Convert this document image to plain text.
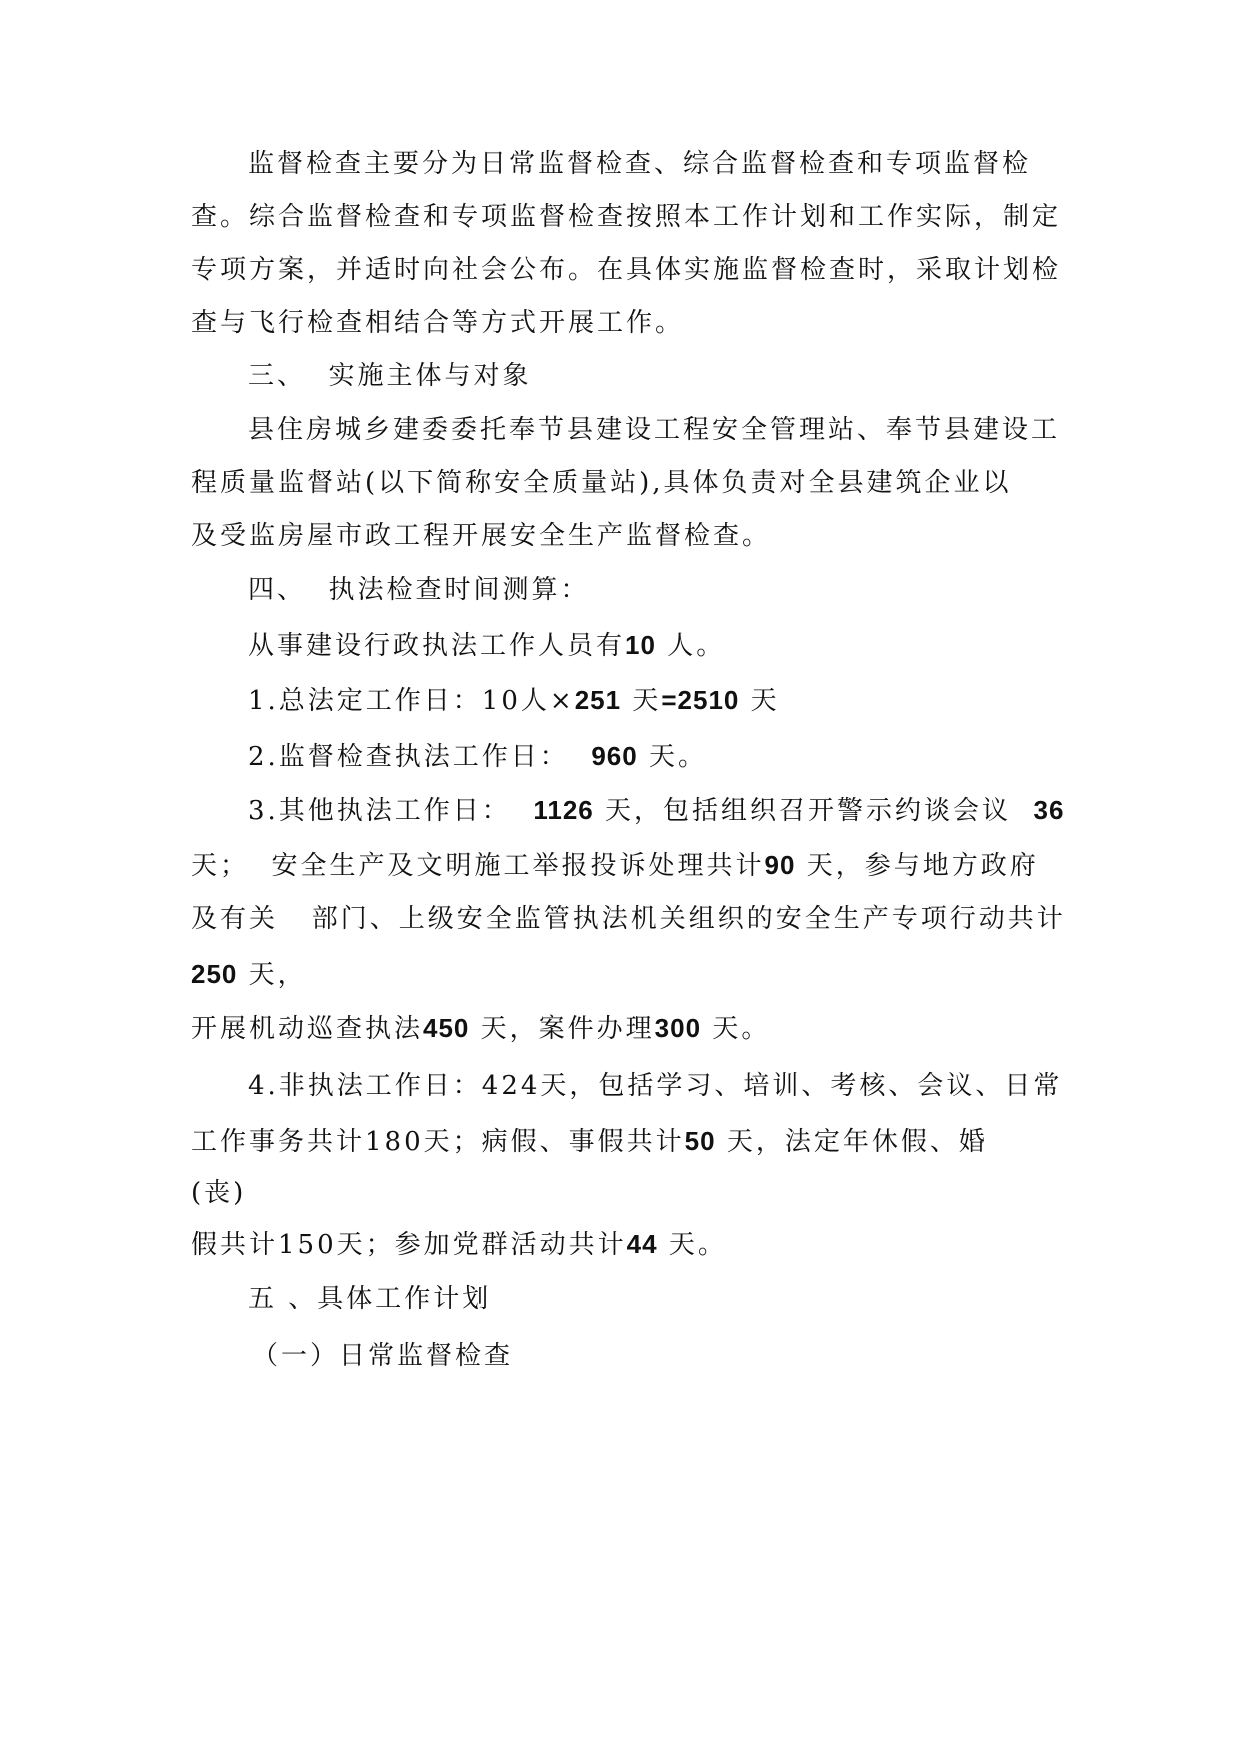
监督检查主要分为日常监督检查、综合监督检查和专项监督检
查。综合监督检查和专项监督检查按照本工作计划和工作实际，制定
专项方案，并适时向社会公布。在具体实施监督检查时，采取计划检
查与飞行检查相结合等方式开展工作。
三、  实施主体与对象
县住房城乡建委委托奉节县建设工程安全管理站、奉节县建设工
程质量监督站(以下简称安全质量站),具体负责对全县建筑企业以
及受监房屋市政工程开展安全生产监督检查。
四、  执法检查时间测算：
从事建设行政执法工作人员有10 人。
1.总法定工作日：10人×251 天=2510 天
2.监督检查执法工作日：  960 天。
3.其他执法工作日：  1126 天，包括组织召开警示约谈会议  36
天；  安全生产及文明施工举报投诉处理共计90 天，参与地方政府
及有关   部门、上级安全监管执法机关组织的安全生产专项行动共计
250 天，
开展机动巡查执法450 天，案件办理300 天。
4.非执法工作日：424天，包括学习、培训、考核、会议、日常
工作事务共计180天；病假、事假共计50 天，法定年休假、婚
(丧)
假共计150天；参加党群活动共计44 天。
五 、具体工作计划
（一）日常监督检查
